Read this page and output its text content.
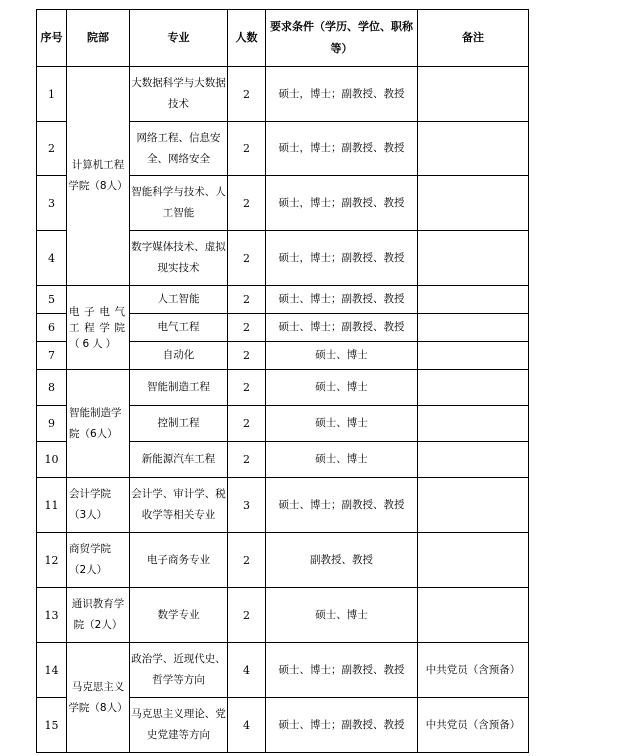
序号	院部	专业	人数	要求条件（学历、学位、职称等）	备注
1	计算机工程学院（8人）	大数据科学与大数据技术	2	硕士，博士；副教授、教授	
2		网络工程、信息安全、网络安全	2	硕士，博士；副教授、教授	
3		智能科学与技术、人工智能	2	硕士，博士；副教授、教授	
4		数字媒体技术、虚拟现实技术	2	硕士，博士；副教授、教授	
5	电子电气工程学院（6人）	人工智能	2	硕士、博士；副教授、教授	
6		电气工程	2	硕士、博士；副教授、教授	
7		自动化	2	硕士、博士	
8	智能制造学院（6人）	智能制造工程	2	硕士、博士	
9		控制工程	2	硕士、博士	
10		新能源汽车工程	2	硕士、博士	
11	会计学院（3人）	会计学、审计学、税收学等相关专业	3	硕士、博士；副教授、教授	
12	商贸学院（2人）	电子商务专业	2	副教授、教授	
13	通识教育学院（2人）	数学专业	2	硕士、博士	
14	马克思主义学院（8人）	政治学、近现代史、哲学等方向	4	硕士、博士；副教授、教授	中共党员（含预备）
15		马克思主义理论、党史党建等方向	4	硕士、博士；副教授、教授	中共党员（含预备）
